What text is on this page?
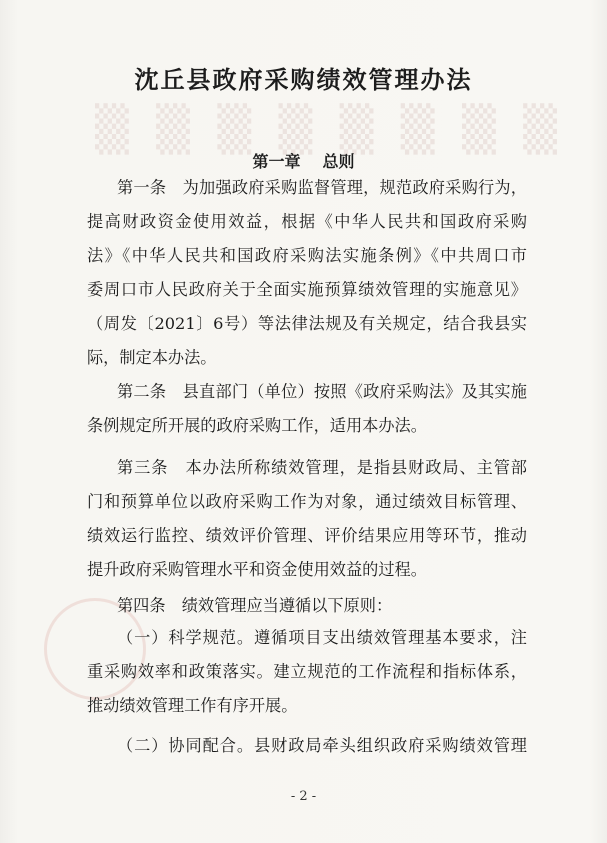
▒ ▒ ▒ ▒ ▒ ▒ ▒ ▒
沈丘县政府采购绩效管理办法

第一章 总则

第一条　为加强政府采购监督管理，规范政府采购行为，

提高财政资金使用效益，根据《中华人民共和国政府采购

法》《中华人民共和国政府采购法实施条例》《中共周口市

委周口市人民政府关于全面实施预算绩效管理的实施意见》

（周发〔2021〕6号）等法律法规及有关规定，结合我县实

际，制定本办法。

第二条　县直部门（单位）按照《政府采购法》及其实施

条例规定所开展的政府采购工作，适用本办法。

第三条　本办法所称绩效管理，是指县财政局、主管部

门和预算单位以政府采购工作为对象，通过绩效目标管理、

绩效运行监控、绩效评价管理、评价结果应用等环节，推动

提升政府采购管理水平和资金使用效益的过程。

第四条　绩效管理应当遵循以下原则：

（一）科学规范。遵循项目支出绩效管理基本要求，注

重采购效率和政策落实。建立规范的工作流程和指标体系，

推动绩效管理工作有序开展。

（二）协同配合。县财政局牵头组织政府采购绩效管理

- 2 -
